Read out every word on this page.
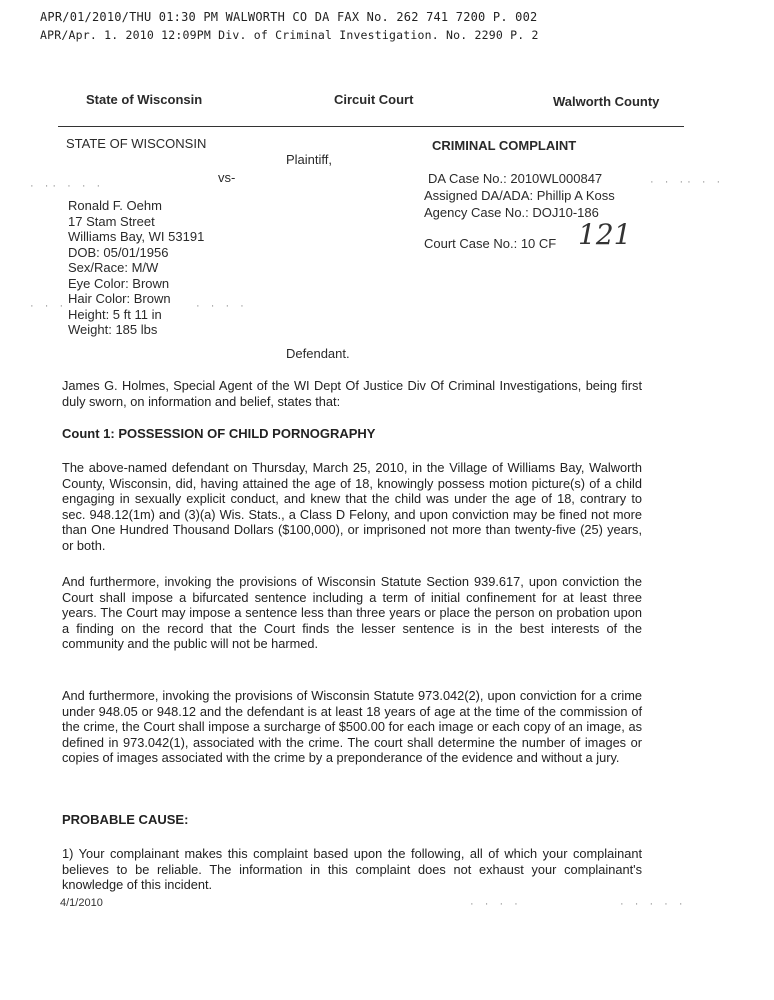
APR/01/2010/THU 01:30 PM WALWORTH CO DA FAX No. 262 741 7200 P. 002
APR/Apr. 1. 2010 12:09PM Div. of Criminal Investigation. No. 2290 P. 2
State of Wisconsin	Circuit Court	Walworth County
STATE OF WISCONSIN
Plaintiff,
vs-
CRIMINAL COMPLAINT
DA Case No.: 2010WL000847
Assigned DA/ADA: Phillip A Koss
Agency Case No.: DOJ10-186
Court Case No.: 10 CF 121
Ronald F. Oehm
17 Stam Street
Williams Bay, WI 53191
DOB: 05/01/1956
Sex/Race: M/W
Eye Color: Brown
Hair Color: Brown
Height: 5 ft 11 in
Weight: 185 lbs
Defendant.
James G. Holmes, Special Agent of the WI Dept Of Justice Div Of Criminal Investigations, being first duly sworn, on information and belief, states that:
Count 1: POSSESSION OF CHILD PORNOGRAPHY
The above-named defendant on Thursday, March 25, 2010, in the Village of Williams Bay, Walworth County, Wisconsin, did, having attained the age of 18, knowingly possess motion picture(s) of a child engaging in sexually explicit conduct, and knew that the child was under the age of 18, contrary to sec. 948.12(1m) and (3)(a) Wis. Stats., a Class D Felony, and upon conviction may be fined not more than One Hundred Thousand Dollars ($100,000), or imprisoned not more than twenty-five (25) years, or both.
And furthermore, invoking the provisions of Wisconsin Statute Section 939.617, upon conviction the Court shall impose a bifurcated sentence including a term of initial confinement for at least three years. The Court may impose a sentence less than three years or place the person on probation upon a finding on the record that the Court finds the lesser sentence is in the best interests of the community and the public will not be harmed.
And furthermore, invoking the provisions of Wisconsin Statute 973.042(2), upon conviction for a crime under 948.05 or 948.12 and the defendant is at least 18 years of age at the time of the commission of the crime, the Court shall impose a surcharge of $500.00 for each image or each copy of an image, as defined in 973.042(1), associated with the crime. The court shall determine the number of images or copies of images associated with the crime by a preponderance of the evidence and without a jury.
PROBABLE CAUSE:
1) Your complainant makes this complaint based upon the following, all of which your complainant believes to be reliable. The information in this complaint does not exhaust your complainant's knowledge of this incident.
4/1/2010
· ·· · · ·	· · ·· · ·
· · ·	· · · ·
· · · ·	· · · · ·
